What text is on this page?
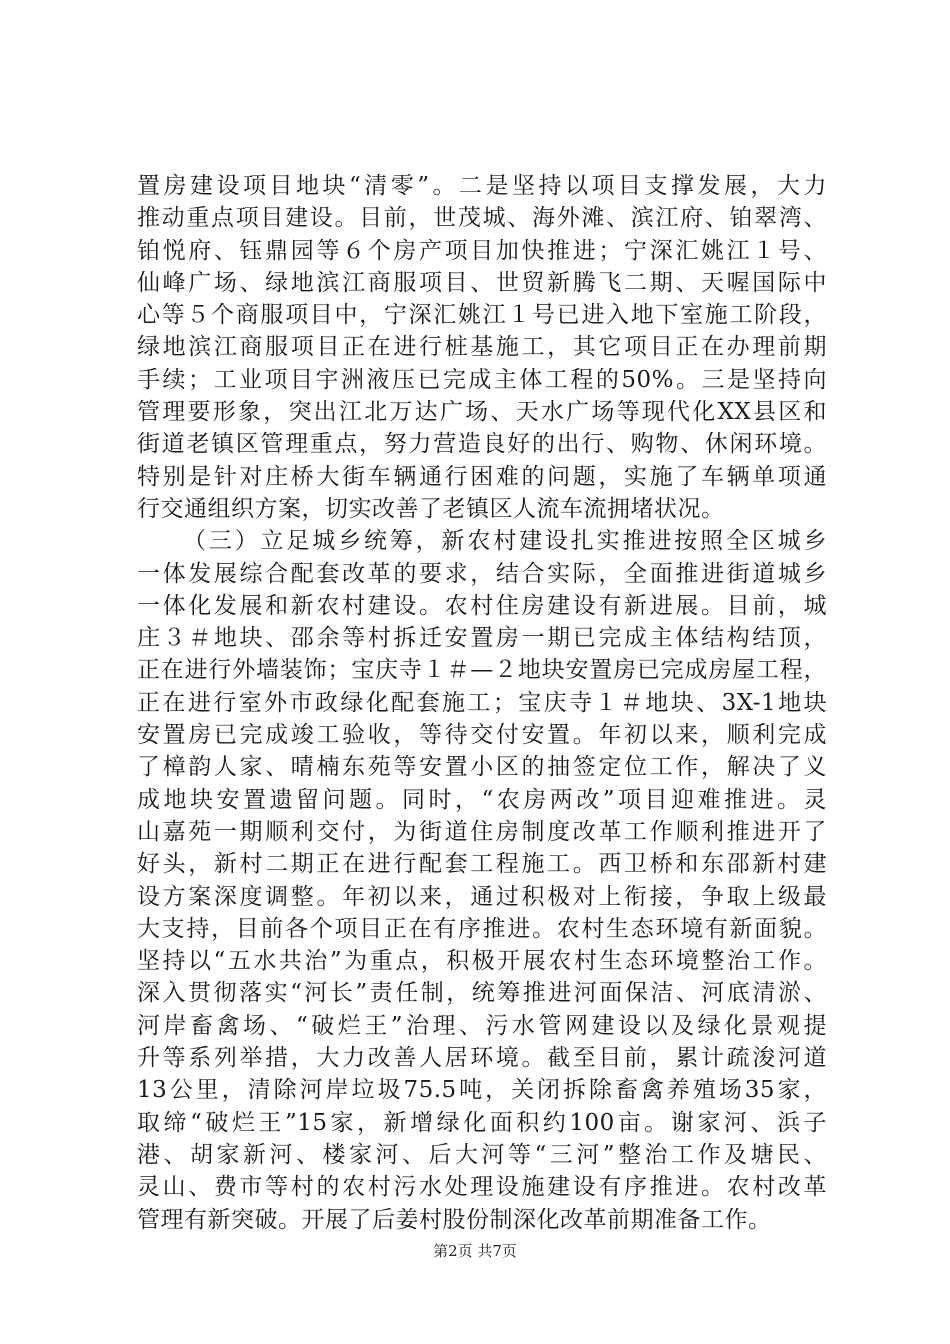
置房建设项目地块“清零”。二是坚持以项目支撑发展，大力
推动重点项目建设。目前，世茂城、海外滩、滨江府、铂翠湾、
铂悦府、钰鼎园等６个房产项目加快推进；宁深汇姚江１号、
仙峰广场、绿地滨江商服项目、世贸新腾飞二期、天喔国际中
心等５个商服项目中，宁深汇姚江１号已进入地下室施工阶段，
绿地滨江商服项目正在进行桩基施工，其它项目正在办理前期
手续；工业项目宇洲液压已完成主体工程的50%。三是坚持向
管理要形象，突出江北万达广场、天水广场等现代化XX县区和
街道老镇区管理重点，努力营造良好的出行、购物、休闲环境。
特别是针对庄桥大街车辆通行困难的问题，实施了车辆单项通
行交通组织方案，切实改善了老镇区人流车流拥堵状况。
（三）立足城乡统筹，新农村建设扎实推进按照全区城乡
一体发展综合配套改革的要求，结合实际，全面推进街道城乡
一体化发展和新农村建设。农村住房建设有新进展。目前，城
庄３＃地块、邵余等村拆迁安置房一期已完成主体结构结顶，
正在进行外墙装饰；宝庆寺１＃—２地块安置房已完成房屋工程，
正在进行室外市政绿化配套施工；宝庆寺１＃地块、3X-1地块
安置房已完成竣工验收，等待交付安置。年初以来，顺利完成
了樟韵人家、晴楠东苑等安置小区的抽签定位工作，解决了义
成地块安置遗留问题。同时，“农房两改”项目迎难推进。灵
山嘉苑一期顺利交付，为街道住房制度改革工作顺利推进开了
好头，新村二期正在进行配套工程施工。西卫桥和东邵新村建
设方案深度调整。年初以来，通过积极对上衔接，争取上级最
大支持，目前各个项目正在有序推进。农村生态环境有新面貌。
坚持以“五水共治”为重点，积极开展农村生态环境整治工作。
深入贯彻落实“河长”责任制，统筹推进河面保洁、河底清淤、
河岸畜禽场、“破烂王”治理、污水管网建设以及绿化景观提
升等系列举措，大力改善人居环境。截至目前，累计疏浚河道
13公里，清除河岸垃圾75.5吨，关闭拆除畜禽养殖场35家，
取缔“破烂王”15家，新增绿化面积约100亩。谢家河、浜子
港、胡家新河、楼家河、后大河等“三河”整治工作及塘民、
灵山、费市等村的农村污水处理设施建设有序推进。农村改革
管理有新突破。开展了后姜村股份制深化改革前期准备工作。
第2页 共7页
